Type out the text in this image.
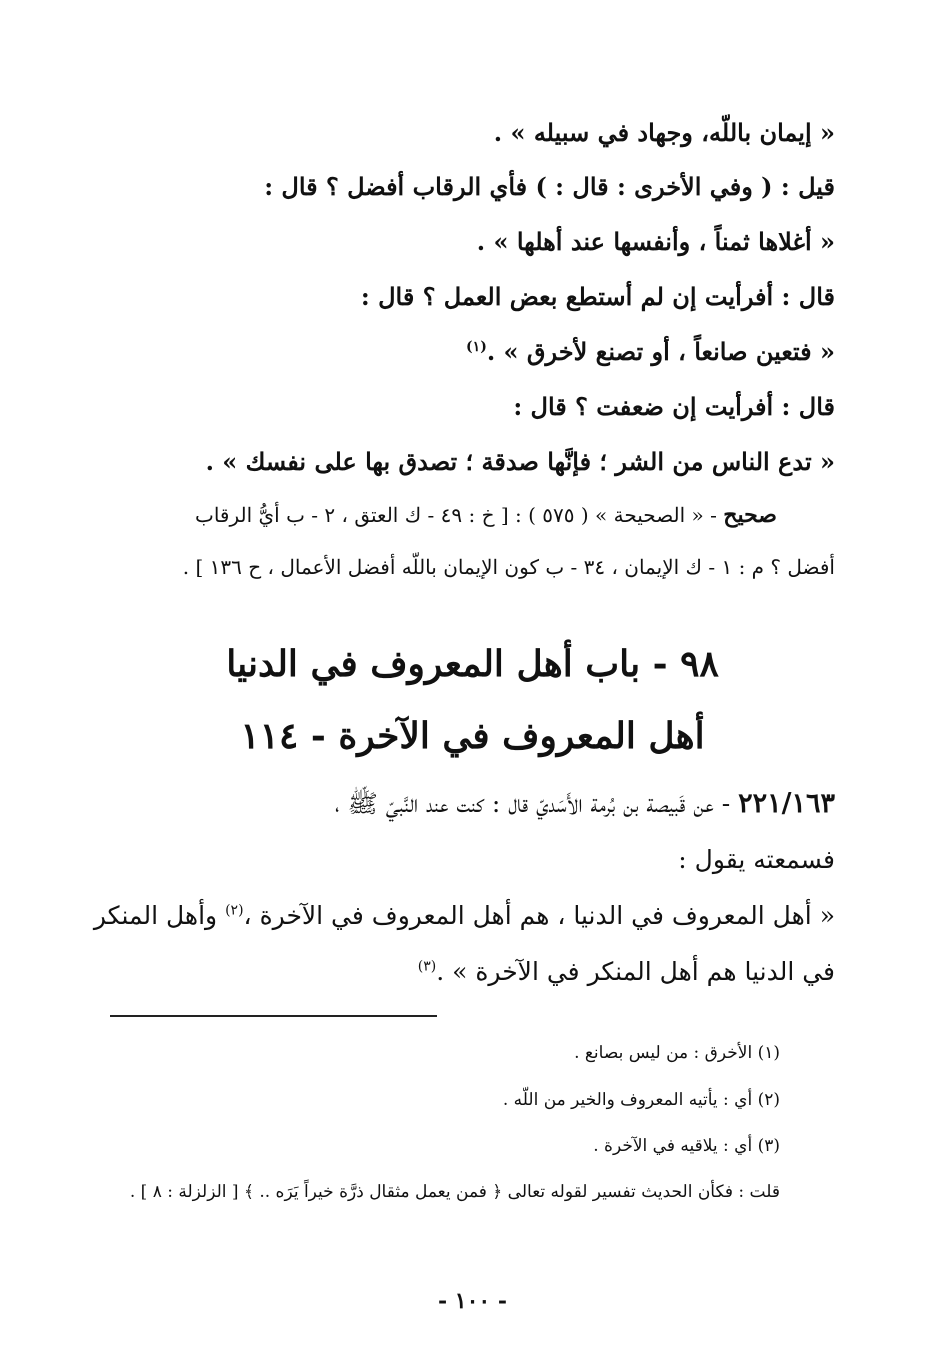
« إيمان باللّه، وجهاد في سبيله » .
قيل : ( وفي الأخرى : قال : ) فأي الرقاب أفضل ؟ قال :
« أغلاها ثمناً ، وأنفسها عند أهلها » .
قال : أفرأيت إن لم أستطع بعض العمل ؟ قال :
« فتعين صانعاً ، أو تصنع لأخرق » .$^{(١)}$
قال : أفرأيت إن ضعفت ؟ قال :
« تدع الناس من الشر ؛ فإنَّها صدقة ؛ تصدق بها على نفسك » .
صحيح - « الصحيحة » ( ٥٧٥ ) : [ خ : ٤٩ - ك العتق ، ٢ - ب أيُّ الرقاب
أفضل ؟ م : ١ - ك الإيمان ، ٣٤ - ب كون الإيمان باللّه أفضل الأعمال ، ح ١٣٦ ] .
٩٨ - باب أهل المعروف في الدنيا
أهل المعروف في الآخرة - ١١٤
٢٢١/١٦٣ - عن قَبيصة بن بُرمة الأَسَديّ قال : كنت عند النَّبيّ ﷺ ،
فسمعته يقول :
« أهل المعروف في الدنيا ، هم أهل المعروف في الآخرة ،$^{(٢)}$ وأهل المنكر
في الدنيا هم أهل المنكر في الآخرة » .$^{(٣)}$
(١) الأخرق : من ليس بصانع .
(٢) أي : يأتيه المعروف والخير من اللّه .
(٣) أي : يلاقيه في الآخرة .
قلت : فكأن الحديث تفسير لقوله تعالى ﴿ فمن يعمل مثقال ذرَّة خيراً يَرَه .. ﴾ [ الزلزلة : ٨ ] .
- ١٠٠ -
